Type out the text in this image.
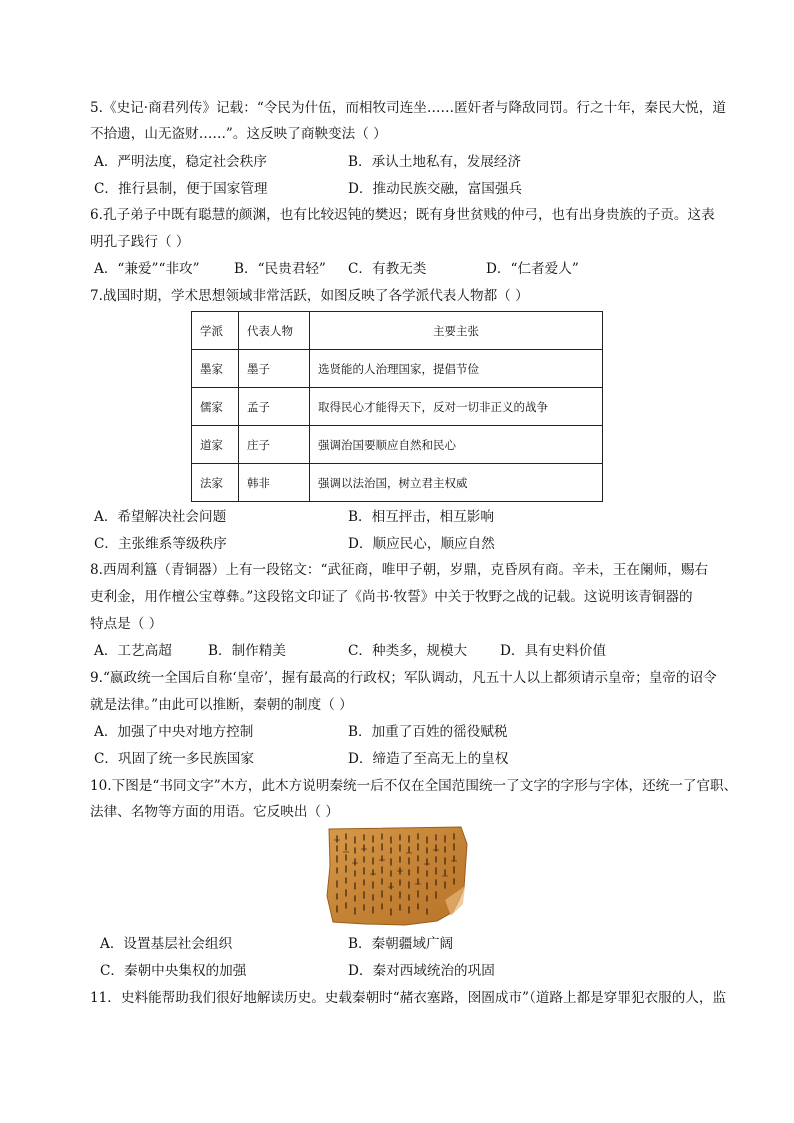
5.《史记·商君列传》记载：“令民为什伍，而相牧司连坐……匿奸者与降敌同罚。行之十年，秦民大悦，道
不拾遗，山无盗财……”。这反映了商鞅变法（ ）
A．严明法度，稳定社会秩序	B．承认土地私有，发展经济
C．推行县制，便于国家管理	D．推动民族交融，富国强兵
6.孔子弟子中既有聪慧的颜渊，也有比较迟钝的樊迟；既有身世贫贱的仲弓，也有出身贵族的子贡。这表
明孔子践行（ ）
A．“兼爱”“非攻”	B．“民贵君轻” C．有教无类	D．“仁者爱人”
7.战国时期，学术思想领域非常活跃，如图反映了各学派代表人物都（ ）
学派	代表人物	主要主张
墨家	墨子	选贤能的人治理国家，提倡节俭
儒家	孟子	取得民心才能得天下，反对一切非正义的战争
道家	庄子	强调治国要顺应自然和民心
法家	韩非	强调以法治国，树立君主权威
A．希望解决社会问题	B．相互抨击，相互影响
C．主张维系等级秩序	D．顺应民心，顺应自然
8.西周利簋（青铜器）上有一段铭文：“武征商，唯甲子朝，岁鼎，克昏夙有商。辛未，王在阑师，赐右
吏利金，用作檀公宝尊彝。”这段铭文印证了《尚书·牧誓》中关于牧野之战的记载。这说明该青铜器的
特点是（ ）
A．工艺高超	B．制作精美	C．种类多，规模大 D．具有史料价值
9.“嬴政统一全国后自称‘皇帝’，握有最高的行政权；军队调动，凡五十人以上都须请示皇帝；皇帝的诏令
就是法律。”由此可以推断，秦朝的制度（ ）
A．加强了中央对地方控制	B．加重了百姓的徭役赋税
C．巩固了统一多民族国家	D．缔造了至高无上的皇权
10.下图是“书同文字”木方，此木方说明秦统一后不仅在全国范围统一了文字的字形与字体，还统一了官职、
法律、名物等方面的用语。它反映出（ ）
A．设置基层社会组织	B．秦朝疆域广阔
C．秦朝中央集权的加强	D．秦对西域统治的巩固
11．史料能帮助我们很好地解读历史。史载秦朝时“赭衣塞路，囹圄成市”（道路上都是穿罪犯衣服的人，监
